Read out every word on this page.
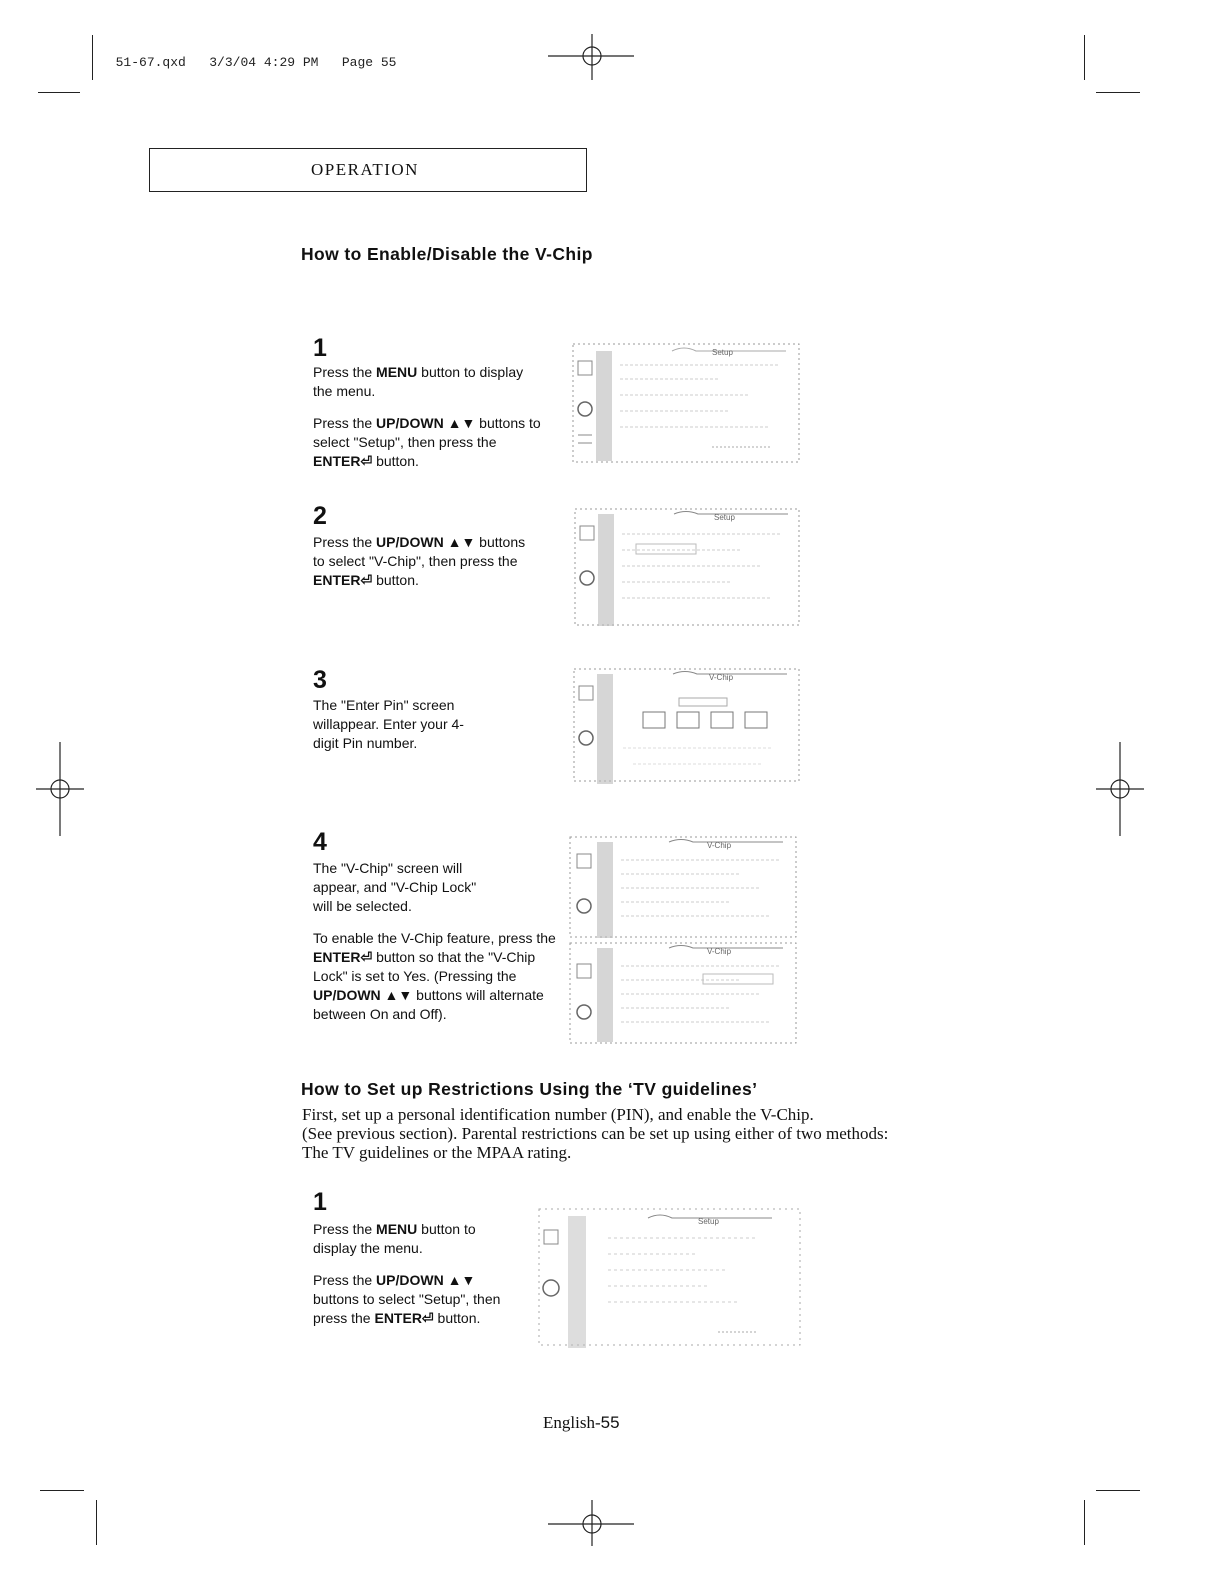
51-67.qxd 3/3/04 4:29 PM Page 55

OPERATION
How to Enable/Disable the V-Chip
1

Press the MENU button to display the menu.

Press the UP/DOWN ▲▼ buttons to select "Setup", then press the ENTER⏎ button.

2

Press the UP/DOWN ▲▼ buttons to select "V-Chip", then press the ENTER⏎ button.

3

The "Enter Pin" screen willappear. Enter your 4-digit Pin number.

4

The "V-Chip" screen will appear, and "V-Chip Lock" will be selected.

To enable the V-Chip feature, press the ENTER⏎ button so that the "V-Chip Lock" is set to Yes. (Pressing the UP/DOWN ▲▼ buttons will alternate between On and Off).

How to Set up Restrictions Using the ‘TV guidelines’

First, set up a personal identification number (PIN), and enable the V-Chip.

(See previous section). Parental restrictions can be set up using either of two methods:

The TV guidelines or the MPAA rating.

1

Press the MENU button to display the menu.

Press the UP/DOWN ▲▼ buttons to select "Setup", then press the ENTER⏎ button.

Setup
Setup
V-Chip
V-Chip
V-Chip
Setup
English-55
